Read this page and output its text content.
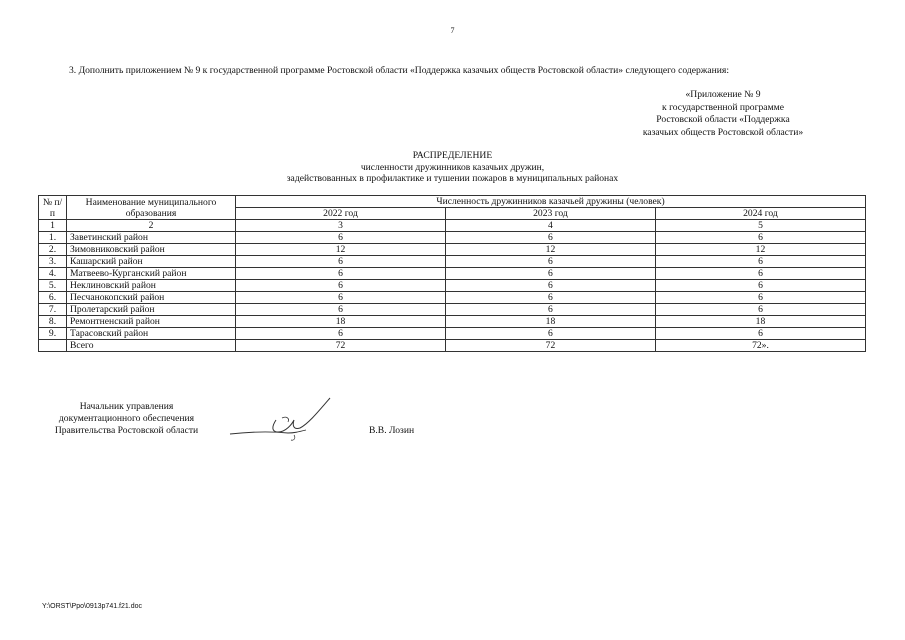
7
3. Дополнить приложением № 9 к государственной программе Ростовской области «Поддержка казачьих обществ Ростовской области» следующего содержания:
«Приложение № 9
к государственной программе
Ростовской области «Поддержка
казачьих обществ Ростовской области»
РАСПРЕДЕЛЕНИЕ
численности дружинников казачьих дружин,
задействованных в профилактике и тушении пожаров в муниципальных районах
№ п/п	Наименование муниципального образования	Численность дружинников казачьей дружины (человек)		
		2022 год	2023 год	2024 год
1	2	3	4	5
1.	Заветинский район	6	6	6
2.	Зимовниковский район	12	12	12
3.	Кашарский район	6	6	6
4.	Матвеево-Курганский район	6	6	6
5.	Неклиновский район	6	6	6
6.	Песчанокопский район	6	6	6
7.	Пролетарский район	6	6	6
8.	Ремонтненский район	18	18	18
9.	Тарасовский район	6	6	6
	Всего	72	72	72».
Начальник управления
документационного обеспечения
Правительства Ростовской области	В.В. Лозин
Y:\ORST\Ppo\0913p741.f21.doc
